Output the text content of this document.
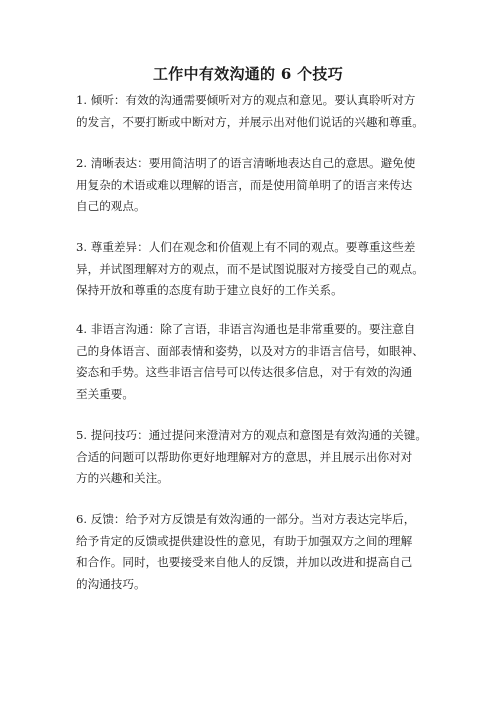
工作中有效沟通的 6 个技巧

1. 倾听：有效的沟通需要倾听对方的观点和意见。要认真聆听对方
的发言，不要打断或中断对方，并展示出对他们说话的兴趣和尊重。

2. 清晰表达：要用简洁明了的语言清晰地表达自己的意思。避免使
用复杂的术语或难以理解的语言，而是使用简单明了的语言来传达
自己的观点。

3. 尊重差异：人们在观念和价值观上有不同的观点。要尊重这些差
异，并试图理解对方的观点，而不是试图说服对方接受自己的观点。
保持开放和尊重的态度有助于建立良好的工作关系。

4. 非语言沟通：除了言语，非语言沟通也是非常重要的。要注意自
己的身体语言、面部表情和姿势，以及对方的非语言信号，如眼神、
姿态和手势。这些非语言信号可以传达很多信息，对于有效的沟通
至关重要。

5. 提问技巧：通过提问来澄清对方的观点和意图是有效沟通的关键。
合适的问题可以帮助你更好地理解对方的意思，并且展示出你对对
方的兴趣和关注。

6. 反馈：给予对方反馈是有效沟通的一部分。当对方表达完毕后，
给予肯定的反馈或提供建设性的意见，有助于加强双方之间的理解
和合作。同时，也要接受来自他人的反馈，并加以改进和提高自己
的沟通技巧。
